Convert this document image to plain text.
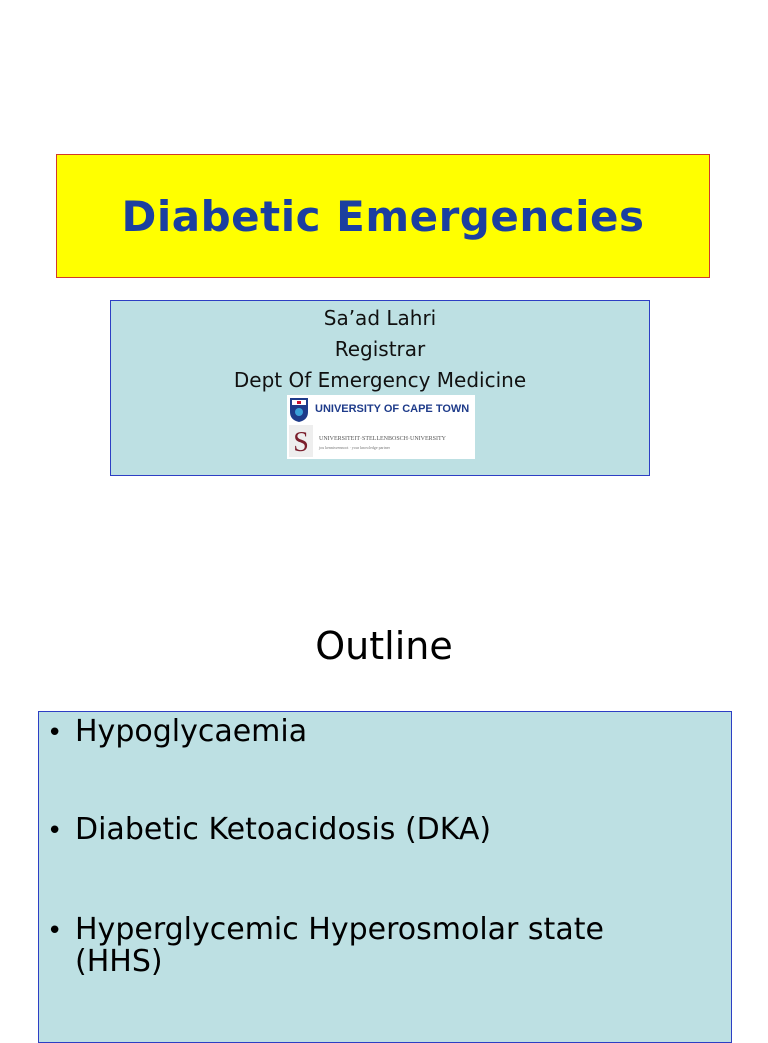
Diabetic Emergencies
Sa’ad Lahri
Registrar
Dept Of Emergency Medicine
UNIVERSITY OF CAPE TOWN
S UNIVERSITEIT·STELLENBOSCH·UNIVERSITY
jou kennisvennoot · your knowledge partner
Outline
• Hypoglycaemia
• Diabetic Ketoacidosis (DKA)
• Hyperglycemic Hyperosmolar state (HHS)
